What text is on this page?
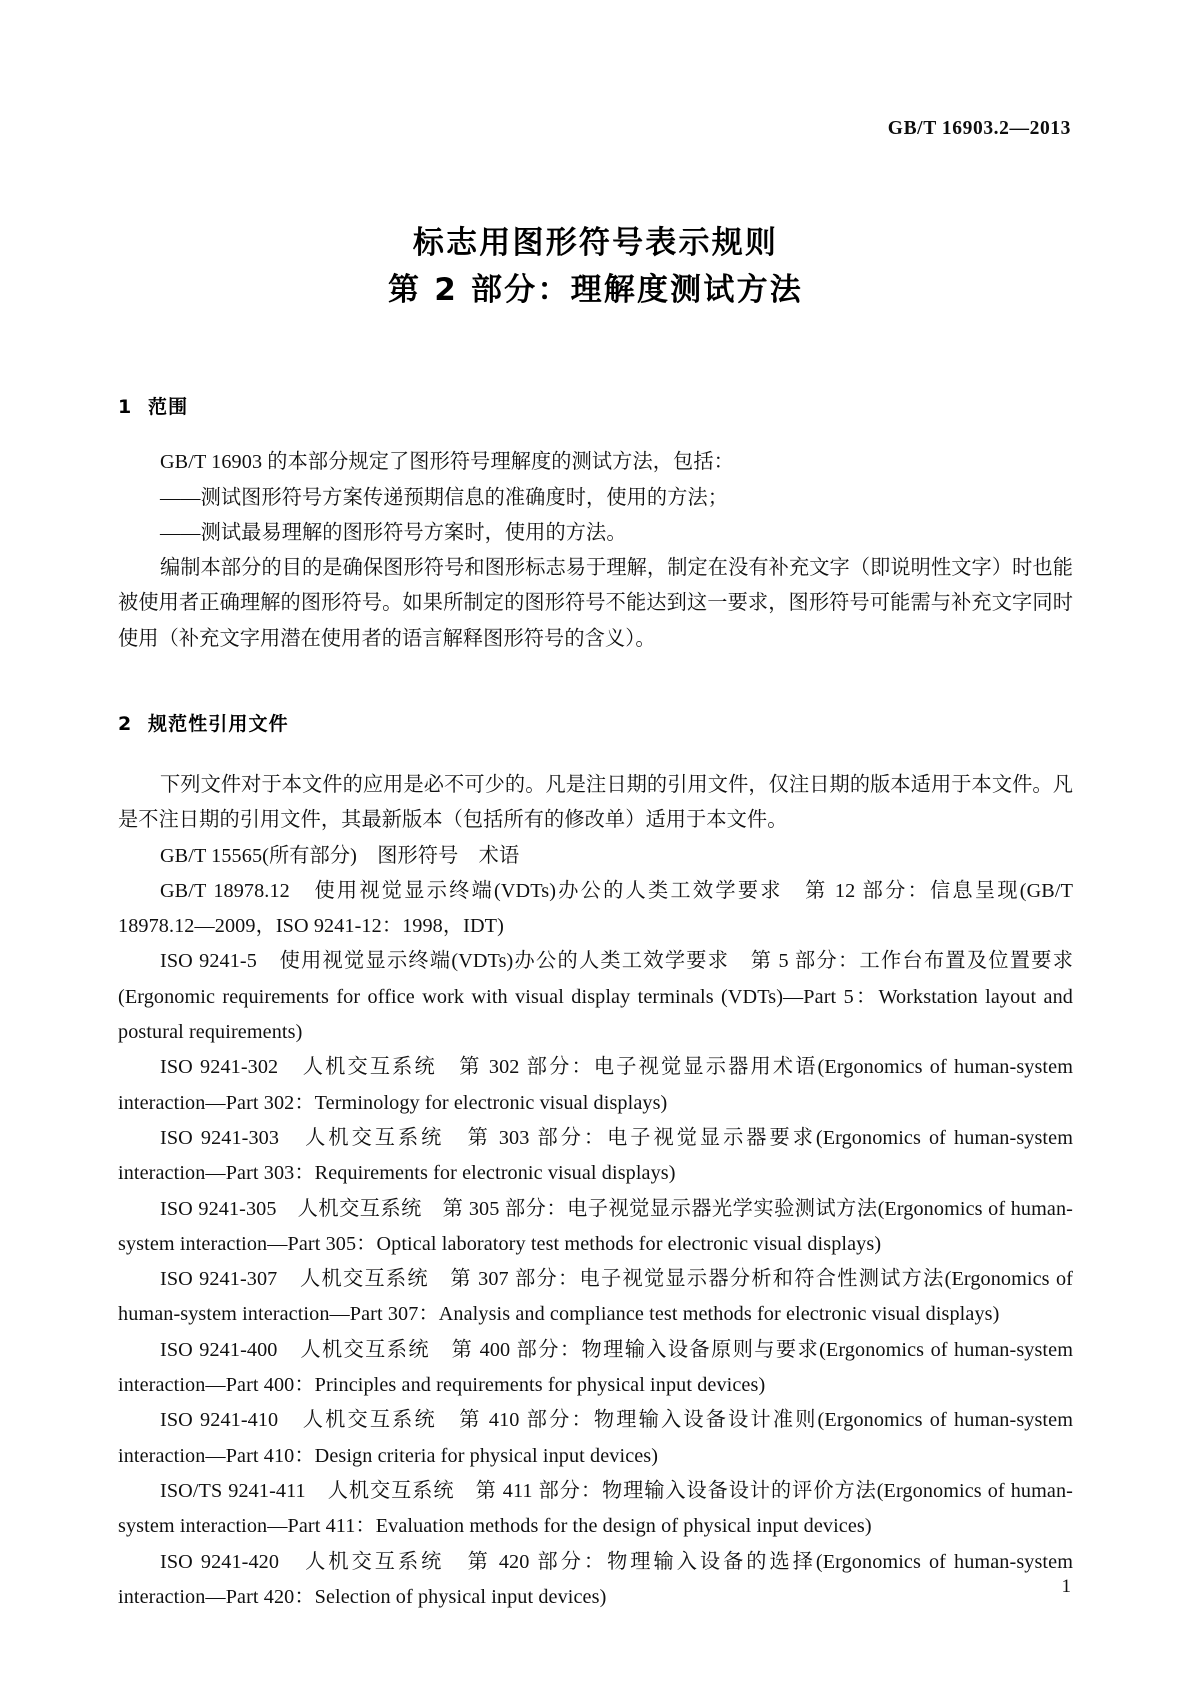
GB/T 16903.2—2013
标志用图形符号表示规则
第 2 部分：理解度测试方法
1 范围

GB/T 16903 的本部分规定了图形符号理解度的测试方法，包括：

——测试图形符号方案传递预期信息的准确度时，使用的方法；

——测试最易理解的图形符号方案时，使用的方法。

编制本部分的目的是确保图形符号和图形标志易于理解，制定在没有补充文字（即说明性文字）时也能被使用者正确理解的图形符号。如果所制定的图形符号不能达到这一要求，图形符号可能需与补充文字同时使用（补充文字用潜在使用者的语言解释图形符号的含义）。

2 规范性引用文件

下列文件对于本文件的应用是必不可少的。凡是注日期的引用文件，仅注日期的版本适用于本文件。凡是不注日期的引用文件，其最新版本（包括所有的修改单）适用于本文件。

GB/T 15565(所有部分)　图形符号　术语

GB/T 18978.12　使用视觉显示终端(VDTs)办公的人类工效学要求　第 12 部分：信息呈现(GB/T 18978.12—2009，ISO 9241-12：1998，IDT)

ISO 9241-5　使用视觉显示终端(VDTs)办公的人类工效学要求　第 5 部分：工作台布置及位置要求(Ergonomic requirements for office work with visual display terminals (VDTs)—Part 5：Workstation layout and postural requirements)

ISO 9241-302　人机交互系统　第 302 部分：电子视觉显示器用术语(Ergonomics of human-system interaction—Part 302：Terminology for electronic visual displays)

ISO 9241-303　人机交互系统　第 303 部分：电子视觉显示器要求(Ergonomics of human-system interaction—Part 303：Requirements for electronic visual displays)

ISO 9241-305　人机交互系统　第 305 部分：电子视觉显示器光学实验测试方法(Ergonomics of human-system interaction—Part 305：Optical laboratory test methods for electronic visual displays)

ISO 9241-307　人机交互系统　第 307 部分：电子视觉显示器分析和符合性测试方法(Ergonomics of human-system interaction—Part 307：Analysis and compliance test methods for electronic visual displays)

ISO 9241-400　人机交互系统　第 400 部分：物理输入设备原则与要求(Ergonomics of human-system interaction—Part 400：Principles and requirements for physical input devices)

ISO 9241-410　人机交互系统　第 410 部分：物理输入设备设计准则(Ergonomics of human-system interaction—Part 410：Design criteria for physical input devices)

ISO/TS 9241-411　人机交互系统　第 411 部分：物理输入设备设计的评价方法(Ergonomics of human-system interaction—Part 411：Evaluation methods for the design of physical input devices)

ISO 9241-420　人机交互系统　第 420 部分：物理输入设备的选择(Ergonomics of human-system interaction—Part 420：Selection of physical input devices)	1
